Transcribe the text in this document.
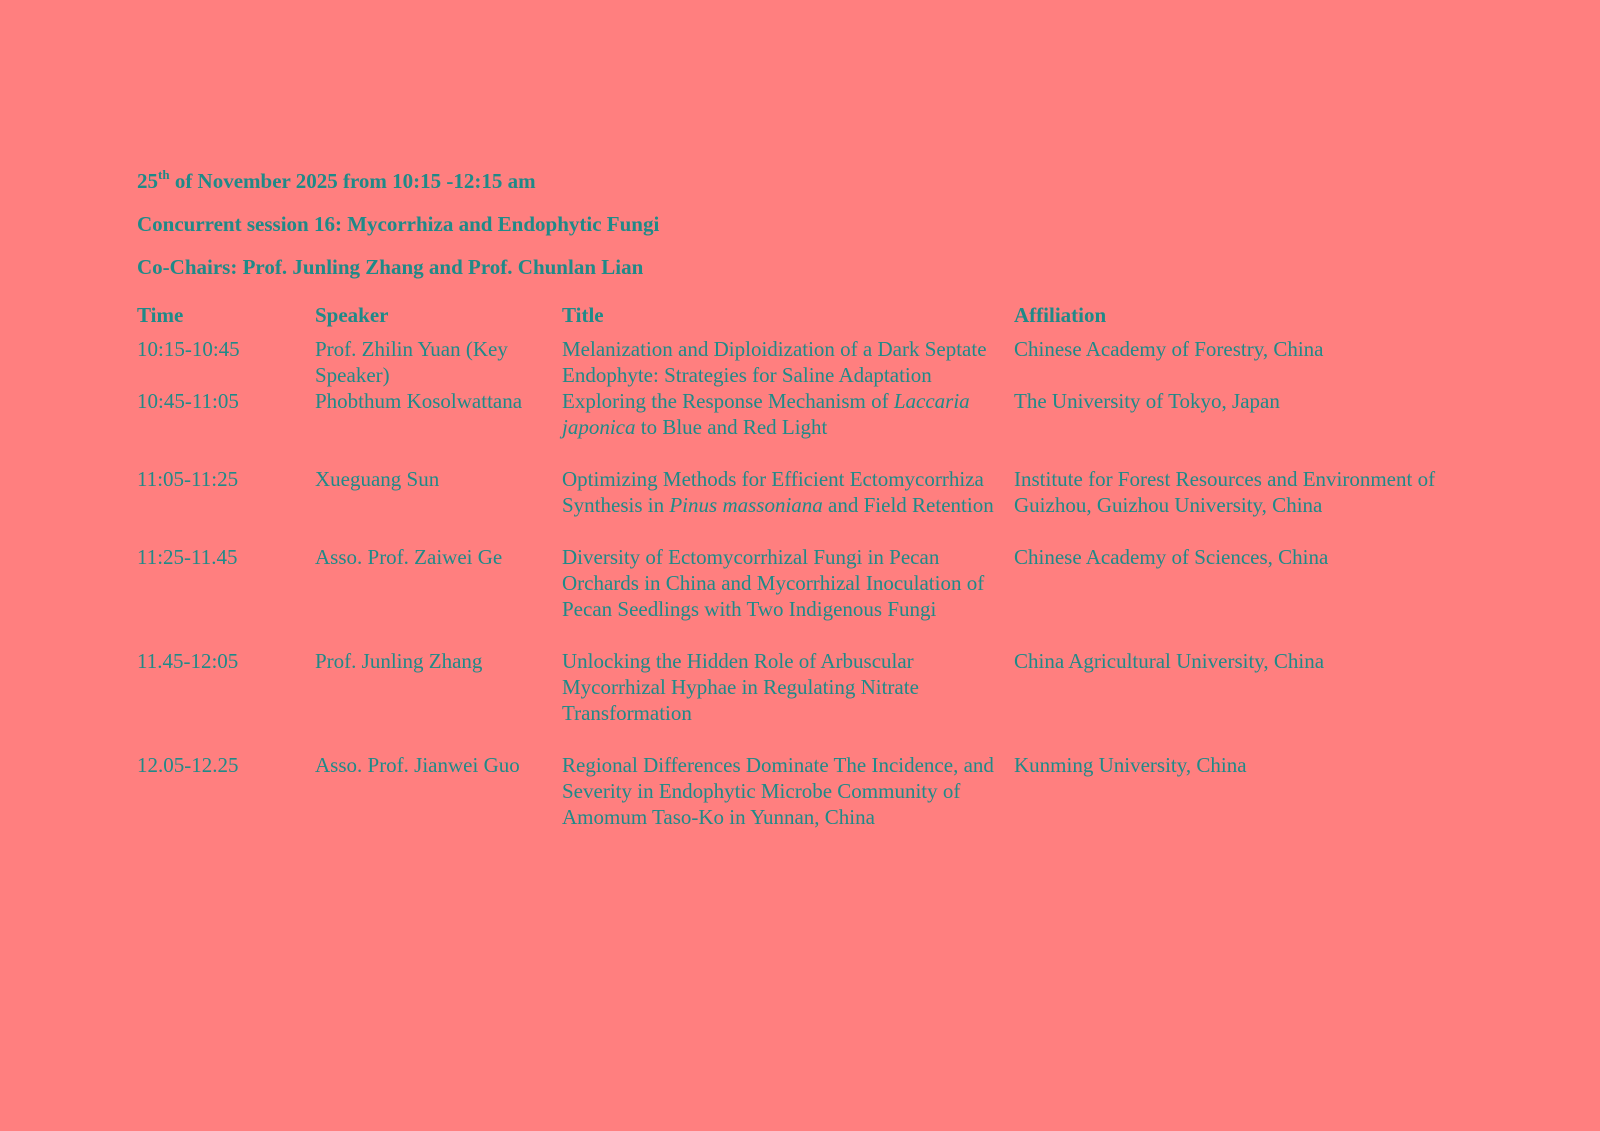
25th of November 2025 from 10:15 -12:15 am

Concurrent session 16: Mycorrhiza and Endophytic Fungi

Co-Chairs: Prof. Junling Zhang and Prof. Chunlan Lian

Time	Speaker	Title	Affiliation
10:15-10:45	Prof. Zhilin Yuan (Key Speaker)	Melanization and Diploidization of a Dark Septate Endophyte: Strategies for Saline Adaptation	Chinese Academy of Forestry, China
10:45-11:05	Phobthum Kosolwattana	Exploring the Response Mechanism of Laccaria japonica to Blue and Red Light	The University of Tokyo, Japan
11:05-11:25	Xueguang Sun	Optimizing Methods for Efficient Ectomycorrhiza Synthesis in Pinus massoniana and Field Retention	Institute for Forest Resources and Environment of Guizhou, Guizhou University, China
11:25-11.45	Asso. Prof. Zaiwei Ge	Diversity of Ectomycorrhizal Fungi in Pecan Orchards in China and Mycorrhizal Inoculation of Pecan Seedlings with Two Indigenous Fungi	Chinese Academy of Sciences, China
11.45-12:05	Prof. Junling Zhang	Unlocking the Hidden Role of Arbuscular Mycorrhizal Hyphae in Regulating Nitrate Transformation	China Agricultural University, China
12.05-12.25	Asso. Prof. Jianwei Guo	Regional Differences Dominate The Incidence, and Severity in Endophytic Microbe Community of Amomum Taso-Ko in Yunnan, China	Kunming University, China
